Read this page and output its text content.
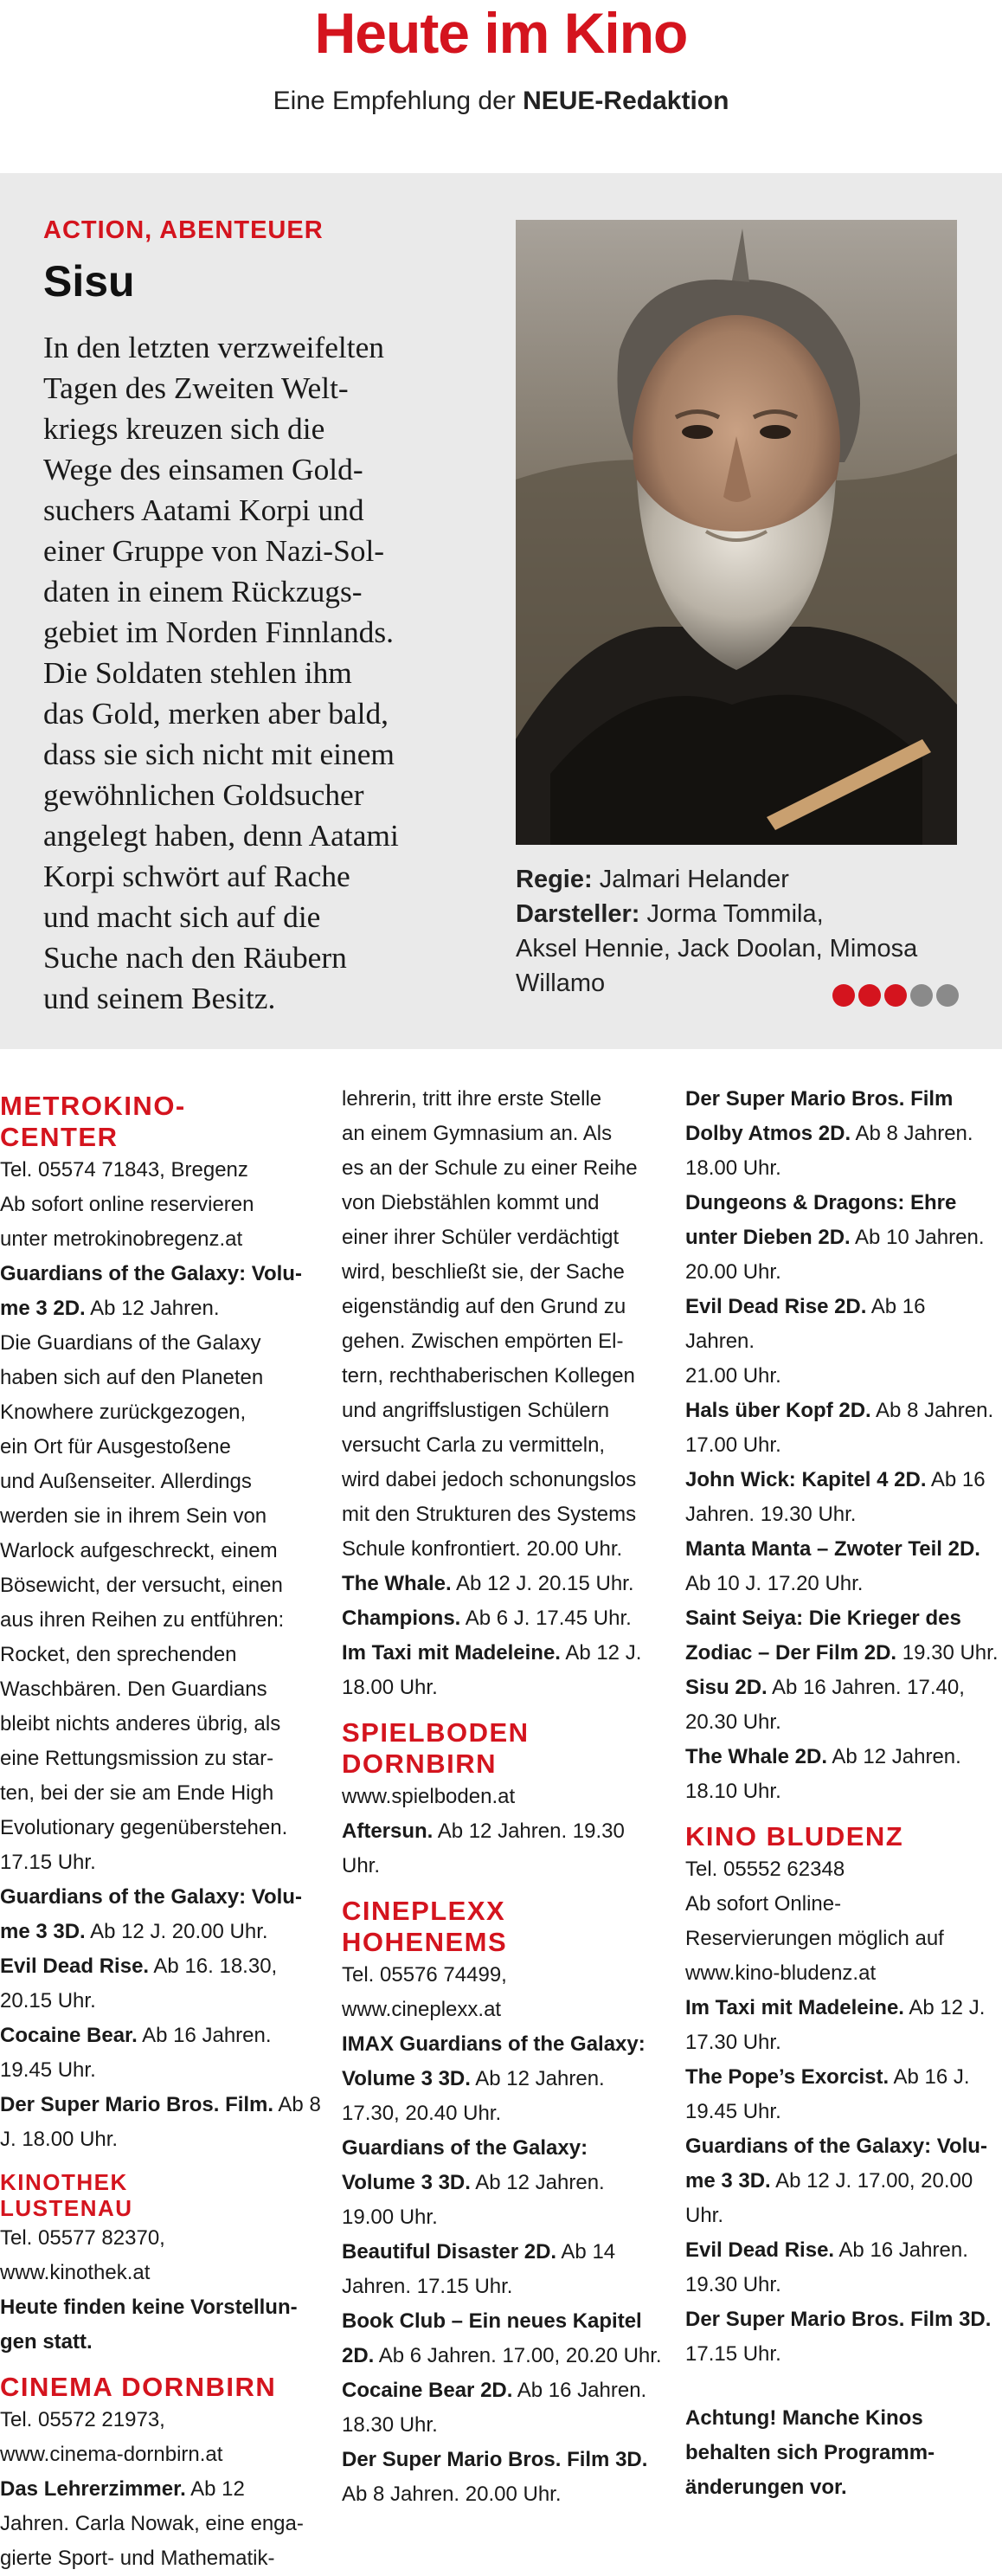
Heute im Kino
Eine Empfehlung der NEUE-Redaktion
ACTION, ABENTEUER
Sisu
In den letzten verzweifelten
Tagen des Zweiten Welt-
kriegs kreuzen sich die
Wege des einsamen Gold-
suchers Aatami Korpi und
einer Gruppe von Nazi-Sol-
daten in einem Rückzugs-
gebiet im Norden Finnlands.
Die Soldaten stehlen ihm
das Gold, merken aber bald,
dass sie sich nicht mit einem
gewöhnlichen Goldsucher
angelegt haben, denn Aatami
Korpi schwört auf Rache
und macht sich auf die
Suche nach den Räubern
und seinem Besitz.
Regie: Jalmari Helander
Darsteller: Jorma Tommila,
Aksel Hennie, Jack Doolan, Mimosa
Willamo
METROKINO-
CENTER
Tel. 05574 71843, Bregenz
Ab sofort online reservieren
unter metrokinobregenz.at
Guardians of the Galaxy: Volu-
me 3 2D. Ab 12 Jahren.
Die Guardians of the Galaxy
haben sich auf den Planeten
Knowhere zurückgezogen,
ein Ort für Ausgestoßene
und Außenseiter. Allerdings
werden sie in ihrem Sein von
Warlock aufgeschreckt, einem
Bösewicht, der versucht, einen
aus ihren Reihen zu entführen:
Rocket, den sprechenden
Waschbären. Den Guardians
bleibt nichts anderes übrig, als
eine Rettungsmission zu star-
ten, bei der sie am Ende High
Evolutionary gegenüberstehen.
17.15 Uhr.
Guardians of the Galaxy: Volu-
me 3 3D. Ab 12 J. 20.00 Uhr.
Evil Dead Rise. Ab 16. 18.30,
20.15 Uhr.
Cocaine Bear. Ab 16 Jahren.
19.45 Uhr.
Der Super Mario Bros. Film. Ab 8
J. 18.00 Uhr.
KINOTHEK
LUSTENAU
Tel. 05577 82370,
www.kinothek.at
Heute finden keine Vorstellun-
gen statt.
CINEMA DORNBIRN
Tel. 05572 21973,
www.cinema-dornbirn.at
Das Lehrerzimmer. Ab 12
Jahren. Carla Nowak, eine enga-
gierte Sport- und Mathematik-
lehrerin, tritt ihre erste Stelle
an einem Gymnasium an. Als
es an der Schule zu einer Reihe
von Diebstählen kommt und
einer ihrer Schüler verdächtigt
wird, beschließt sie, der Sache
eigenständig auf den Grund zu
gehen. Zwischen empörten El-
tern, rechthaberischen Kollegen
und angriffslustigen Schülern
versucht Carla zu vermitteln,
wird dabei jedoch schonungslos
mit den Strukturen des Systems
Schule konfrontiert. 20.00 Uhr.
The Whale. Ab 12 J. 20.15 Uhr.
Champions. Ab 6 J. 17.45 Uhr.
Im Taxi mit Madeleine. Ab 12 J.
18.00 Uhr.
SPIELBODEN
DORNBIRN
www.spielboden.at
Aftersun. Ab 12 Jahren. 19.30
Uhr.
CINEPLEXX
HOHENEMS
Tel. 05576 74499,
www.cineplexx.at
IMAX Guardians of the Galaxy:
Volume 3 3D. Ab 12 Jahren.
17.30, 20.40 Uhr.
Guardians of the Galaxy:
Volume 3 3D. Ab 12 Jahren.
19.00 Uhr.
Beautiful Disaster 2D. Ab 14
Jahren. 17.15 Uhr.
Book Club – Ein neues Kapitel
2D. Ab 6 Jahren. 17.00, 20.20 Uhr.
Cocaine Bear 2D. Ab 16 Jahren.
18.30 Uhr.
Der Super Mario Bros. Film 3D.
Ab 8 Jahren. 20.00 Uhr.
Der Super Mario Bros. Film
Dolby Atmos 2D. Ab 8 Jahren.
18.00 Uhr.
Dungeons & Dragons: Ehre
unter Dieben 2D. Ab 10 Jahren.
20.00 Uhr.
Evil Dead Rise 2D. Ab 16 Jahren.
21.00 Uhr.
Hals über Kopf 2D. Ab 8 Jahren.
17.00 Uhr.
John Wick: Kapitel 4 2D. Ab 16
Jahren. 19.30 Uhr.
Manta Manta – Zwoter Teil 2D.
Ab 10 J. 17.20 Uhr.
Saint Seiya: Die Krieger des
Zodiac – Der Film 2D. 19.30 Uhr.
Sisu 2D. Ab 16 Jahren. 17.40,
20.30 Uhr.
The Whale 2D. Ab 12 Jahren.
18.10 Uhr.
KINO BLUDENZ
Tel. 05552 62348
Ab sofort Online-
Reservierungen möglich auf
www.kino-bludenz.at
Im Taxi mit Madeleine. Ab 12 J.
17.30 Uhr.
The Pope’s Exorcist. Ab 16 J.
19.45 Uhr.
Guardians of the Galaxy: Volu-
me 3 3D. Ab 12 J. 17.00, 20.00 Uhr.
Evil Dead Rise. Ab 16 Jahren.
19.30 Uhr.
Der Super Mario Bros. Film 3D.
17.15 Uhr.
Achtung! Manche Kinos
behalten sich Programm-
änderungen vor.
